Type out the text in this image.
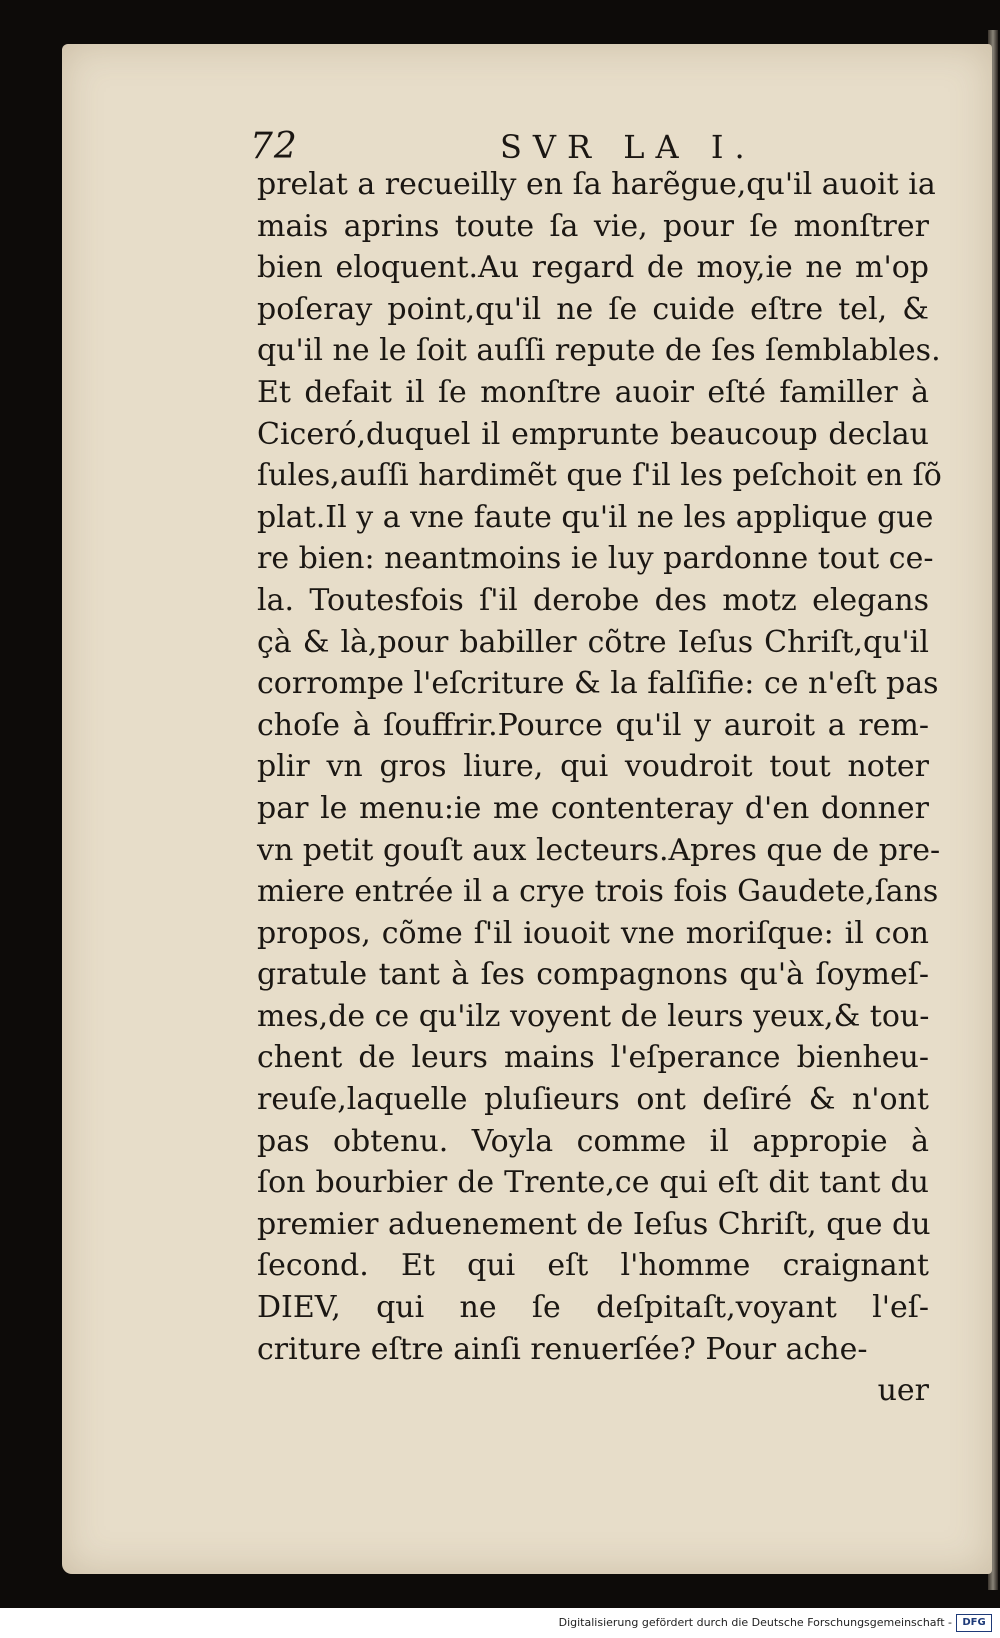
72	SVR LA I.
prelat a recueilly en ſa harẽgue,qu'il auoit ia
mais aprins toute ſa vie, pour ſe monſtrer
bien eloquent.Au regard de moy,ie ne m'op
poſeray point,qu'il ne ſe cuide eſtre tel, &
qu'il ne le ſoit auſſi repute de ſes ſemblables.
Et defait il ſe monſtre auoir eſté familler à
Ciceró,duquel il emprunte beaucoup declau
ſules,auſſi hardimẽt que ſ'il les peſchoit en ſõ
plat.Il y a vne faute qu'il ne les applique gue
re bien: neantmoins ie luy pardonne tout ce-
la. Toutesfois ſ'il derobe des motz elegans
çà & là,pour babiller cõtre Ieſus Chriſt,qu'il
corrompe l'eſcriture & la falſifie: ce n'eſt pas
choſe à ſouffrir.Pource qu'il y auroit a rem-
plir vn gros liure, qui voudroit tout noter
par le menu:ie me contenteray d'en donner
vn petit gouſt aux lecteurs.Apres que de pre-
miere entrée il a crye trois fois Gaudete,ſans
propos, cõme ſ'il iouoit vne moriſque: il con
gratule tant à ſes compagnons qu'à ſoymeſ-
mes,de ce qu'ilz voyent de leurs yeux,& tou-
chent de leurs mains l'eſperance bienheu-
reuſe,laquelle pluſieurs ont deſiré & n'ont
pas obtenu. Voyla comme il appropie à
ſon bourbier de Trente,ce qui eſt dit tant du
premier aduenement de Ieſus Chriſt, que du
ſecond. Et qui eſt l'homme craignant
DIEV, qui ne ſe deſpitaſt,voyant l'eſ-
criture eſtre ainſi renuerſée? Pour ache-
uer
Digitalisierung gefördert durch die Deutsche Forschungsgemeinschaft -	DFG
